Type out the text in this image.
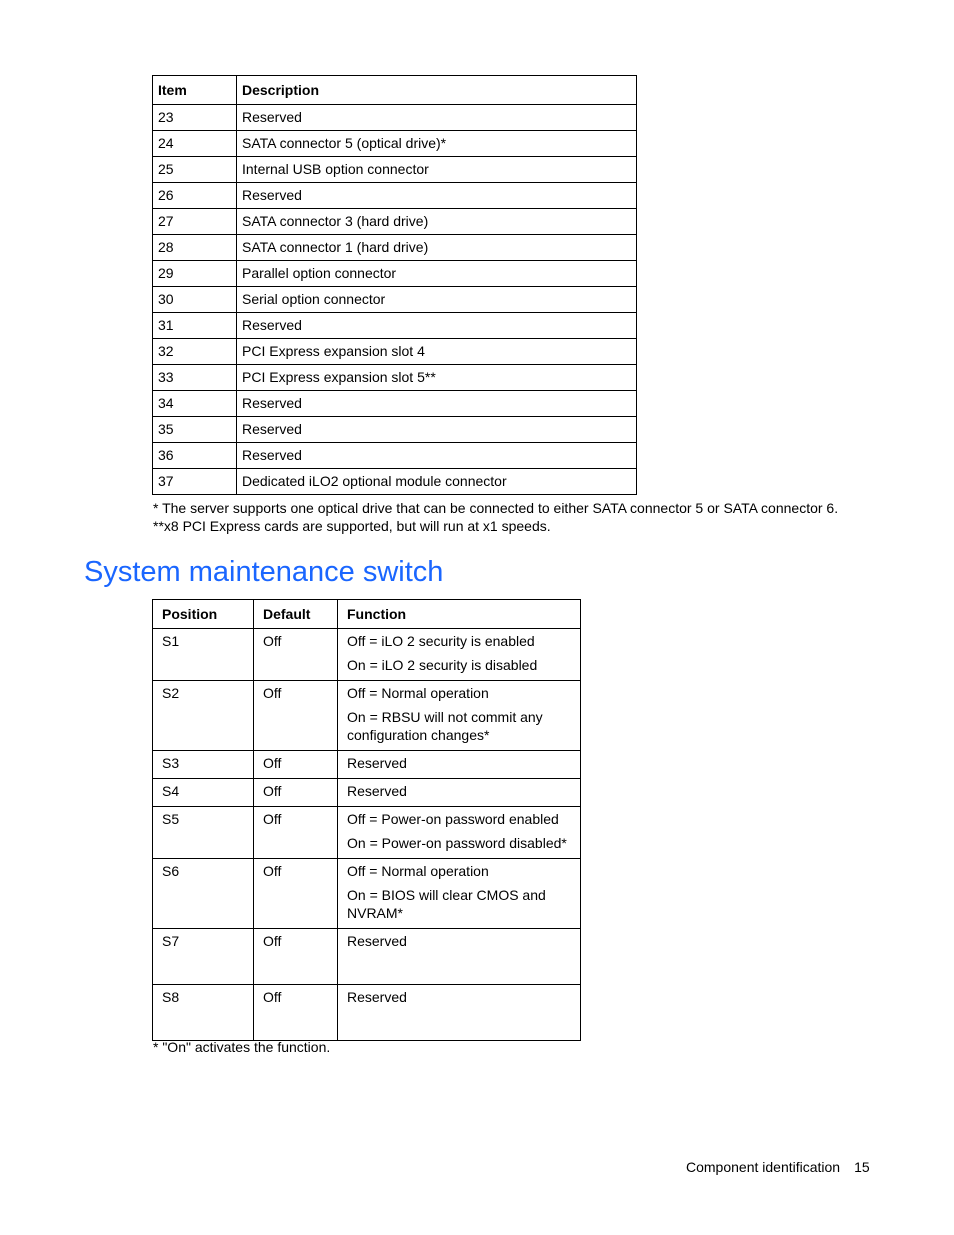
Item	Description
23	Reserved
24	SATA connector 5 (optical drive)*
25	Internal USB option connector
26	Reserved
27	SATA connector 3 (hard drive)
28	SATA connector 1 (hard drive)
29	Parallel option connector
30	Serial option connector
31	Reserved
32	PCI Express expansion slot 4
33	PCI Express expansion slot 5**
34	Reserved
35	Reserved
36	Reserved
37	Dedicated iLO2 optional module connector
* The server supports one optical drive that can be connected to either SATA connector 5 or SATA connector 6.
**x8 PCI Express cards are supported, but will run at x1 speeds.
System maintenance switch
Position	Default	Function
S1	Off	Off = iLO 2 security is enabled

On = iLO 2 security is disabled

S2	Off	Off = Normal operation

On = RBSU will not commit any configuration changes*

S3	Off	Reserved

S4	Off	Reserved

S5	Off	Off = Power-on password enabled

On = Power-on password disabled*

S6	Off	Off = Normal operation

On = BIOS will clear CMOS and NVRAM*

S7	Off	Reserved

S8	Off	Reserved

* "On" activates the function.
Component identification 15
